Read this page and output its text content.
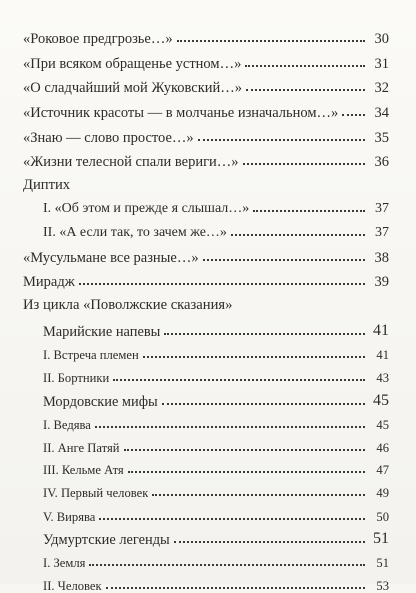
«Роковое предгрозье…»	30
«При всяком обращенье устном…»	31
«О сладчайший мой Жуковский…»	32
«Источник красоты — в молчанье изначальном…» 34
«Знаю — слово простое…»	35
«Жизни телесной спали вериги…»	36
Диптих
I. «Об этом и прежде я слышал…»	37
II. «А если так, то зачем же…»	37
«Мусульмане все разные…»	38
Мирадж	39
Из цикла «Поволжские сказания»
Марийские напевы	41
I. Встреча племен	41
II. Бортники	43
Мордовские мифы	45
I. Ведява	45
II. Анге Патяй	46
III. Кельме Атя	47
IV. Первый человек	49
V. Вирява	50
Удмуртские легенды	51
I. Земля	51
II. Человек	53
